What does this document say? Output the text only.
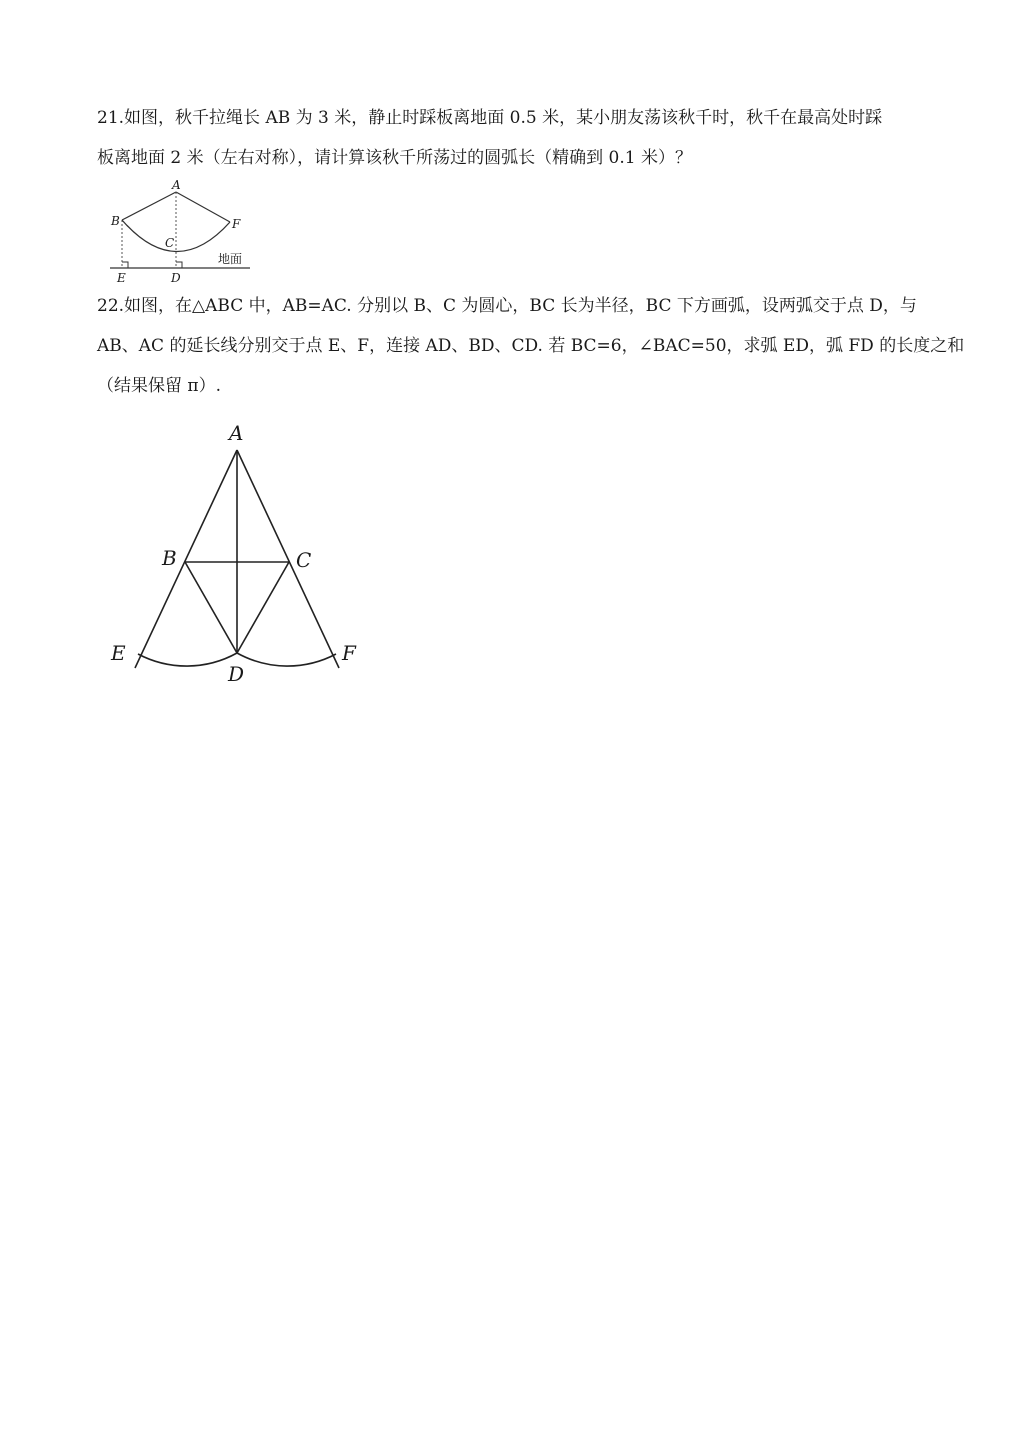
21.如图，秋千拉绳长 AB 为 3 米，静止时踩板离地面 0.5 米，某小朋友荡该秋千时，秋千在最高处时踩

板离地面 2 米（左右对称），请计算该秋千所荡过的圆弧长（精确到 0.1 米）？

A
B	F
C
E	D
地面

22.如图，在△ABC 中，AB=AC. 分别以 B、C 为圆心，BC 长为半径，BC 下方画弧，设两弧交于点 D，与

AB、AC 的延长线分别交于点 E、F，连接 AD、BD、CD. 若 BC=6，∠BAC=50，求弧 ED，弧 FD 的长度之和

（结果保留 π）.

A
B	C
E	F
D
